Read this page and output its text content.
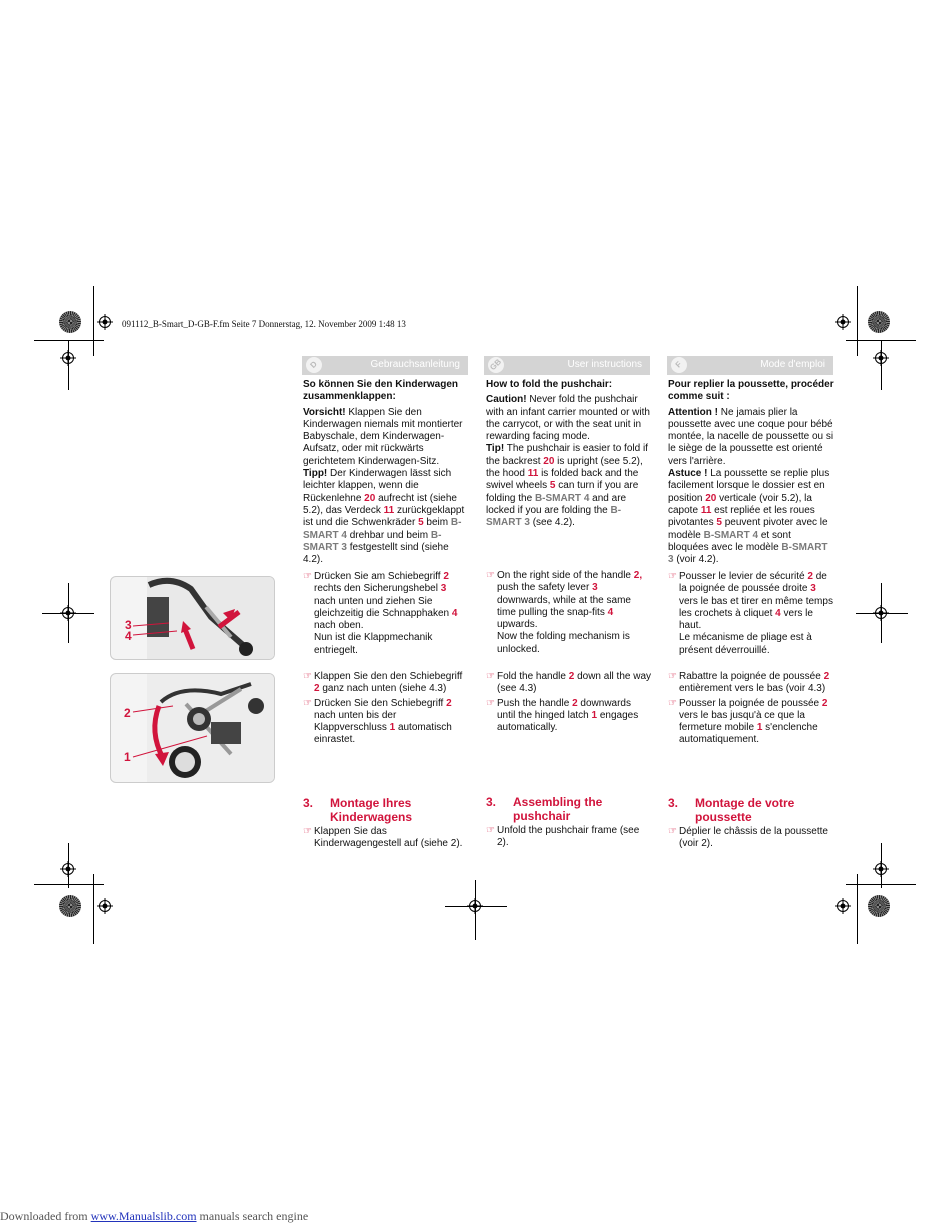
091112_B-Smart_D-GB-F.fm Seite 7 Donnerstag, 12. November 2009 1:48 13
D	Gebrauchsanleitung	GB	User instructions	F	Mode d'emploi
3
4
2
1

So können Sie den Kinderwagen zusammenklappen:

Vorsicht! Klappen Sie den Kinderwagen niemals mit montierter Babyschale, dem Kinderwagen-Aufsatz, oder mit rückwärts gerichtetem Kinderwagen-Sitz.

Tipp! Der Kinderwagen lässt sich leichter klappen, wenn die Rückenlehne 20 aufrecht ist (siehe 5.2), das Verdeck 11 zurückgeklappt ist und die Schwenkräder 5 beim B-SMART 4 drehbar und beim B-SMART 3 festgestellt sind (siehe 4.2).

☞ Drücken Sie am Schiebegriff 2 rechts den Sicherungshebel 3 nach unten und ziehen Sie gleichzeitig die Schnapphaken 4 nach oben.
Nun ist die Klappmechanik entriegelt.

☞ Klappen Sie den den Schiebegriff 2 ganz nach unten (siehe 4.3)

☞ Drücken Sie den Schiebegriff 2 nach unten bis der Klappverschluss 1 automatisch einrastet.

3. Montage Ihres Kinderwagens

☞ Klappen Sie das Kinderwagengestell auf (siehe 2).

How to fold the pushchair:

Caution! Never fold the pushchair with an infant carrier mounted or with the carrycot, or with the seat unit in rewarding facing mode.

Tip! The pushchair is easier to fold if the backrest 20 is upright (see 5.2), the hood 11 is folded back and the swivel wheels 5 can turn if you are folding the B-SMART 4 and are locked if you are folding the B-SMART 3 (see 4.2).

☞ On the right side of the handle 2, push the safety lever 3 downwards, while at the same time pulling the snap-fits 4 upwards.
Now the folding mechanism is unlocked.

☞ Fold the handle 2 down all the way (see 4.3)

☞ Push the handle 2 downwards until the hinged latch 1 engages automatically.

3. Assembling the pushchair

☞ Unfold the pushchair frame (see 2).

Pour replier la poussette, procéder comme suit :

Attention ! Ne jamais plier la poussette avec une coque pour bébé montée, la nacelle de poussette ou si le siège de la poussette est orienté vers l'arrière.

Astuce ! La poussette se replie plus facilement lorsque le dossier est en position 20 verticale (voir 5.2), la capote 11 est repliée et les roues pivotantes 5 peuvent pivoter avec le modèle B-SMART 4 et sont bloquées avec le modèle B-SMART 3 (voir 4.2).

☞ Pousser le levier de sécurité 2 de la poignée de poussée droite 3 vers le bas et tirer en même temps les crochets à cliquet 4 vers le haut.
Le mécanisme de pliage est à présent déverrouillé.

☞ Rabattre la poignée de poussée 2 entièrement vers le bas (voir 4.3)

☞ Pousser la poignée de poussée 2 vers le bas jusqu'à ce que la fermeture mobile 1 s'enclenche automatiquement.

3. Montage de votre poussette

☞ Déplier le châssis de la poussette (voir 2).

Downloaded from www.Manualslib.com manuals search engine
